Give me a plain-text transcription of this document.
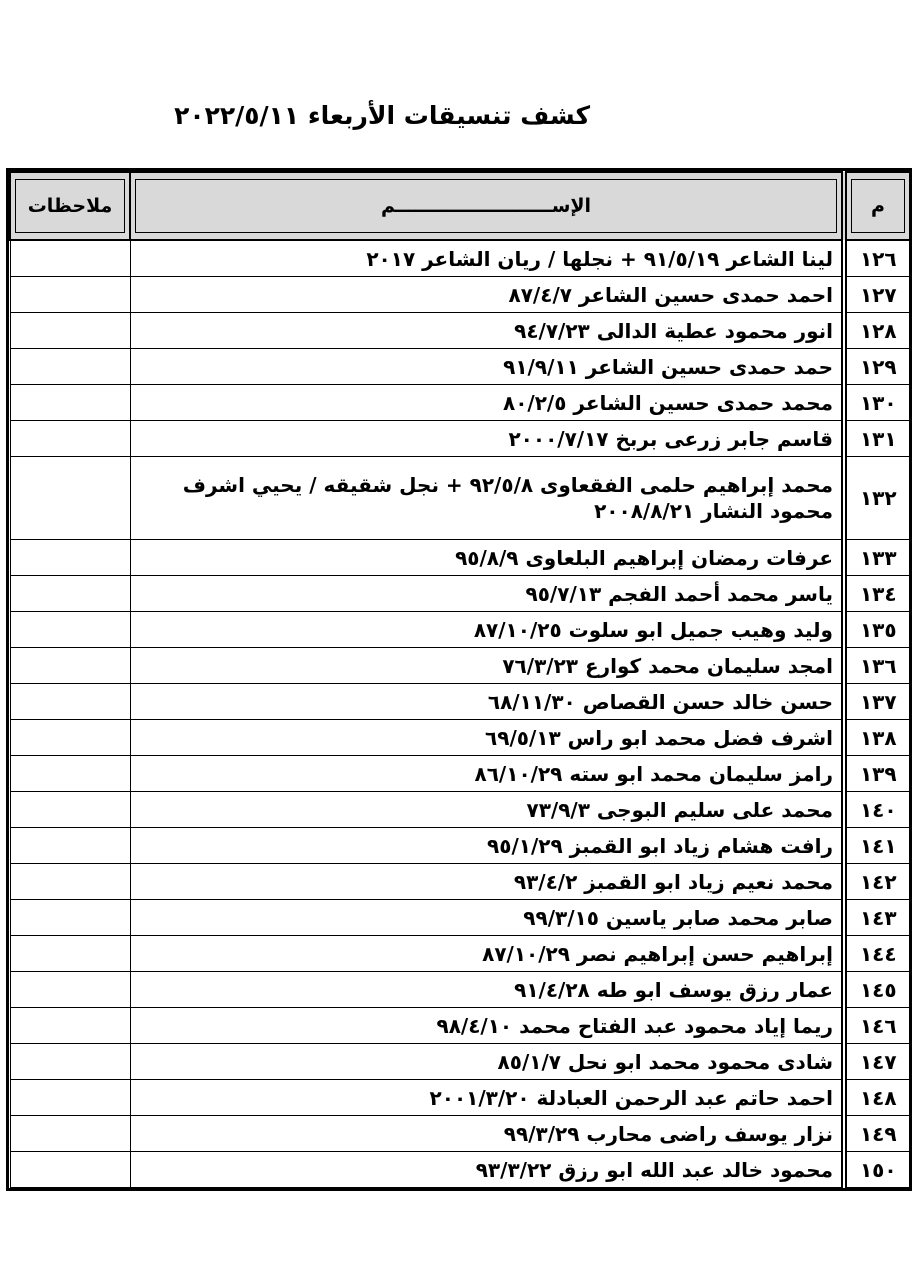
كشف تنسيقات الأربعاء ٢٠٢٢/٥/١١
م	الإســــــــــــــــــــــــم	ملاحظات

١٢٦	لينا الشاعر ٩١/٥/١٩ + نجلها / ريان الشاعر ٢٠١٧	
١٢٧	احمد حمدى حسين الشاعر ٨٧/٤/٧	
١٢٨	انور محمود عطية الدالى ٩٤/٧/٢٣	
١٢٩	حمد حمدى حسين الشاعر ٩١/٩/١١	
١٣٠	محمد حمدى حسين الشاعر ٨٠/٢/٥	
١٣١	قاسم جابر زرعى بربخ ٢٠٠٠/٧/١٧	
١٣٢	محمد إبراهيم حلمى الفقعاوى ٩٢/٥/٨ + نجل شقيقه / يحيي اشرف محمود النشار ٢٠٠٨/٨/٢١	
١٣٣	عرفات رمضان إبراهيم البلعاوى ٩٥/٨/٩	
١٣٤	ياسر محمد أحمد الفجم ٩٥/٧/١٣	
١٣٥	وليد وهيب جميل ابو سلوت ٨٧/١٠/٢٥	
١٣٦	امجد سليمان محمد كوارع ٧٦/٣/٢٣	
١٣٧	حسن خالد حسن القصاص ٦٨/١١/٣٠	
١٣٨	اشرف فضل محمد ابو راس ٦٩/٥/١٣	
١٣٩	رامز سليمان محمد ابو سته ٨٦/١٠/٢٩	
١٤٠	محمد على سليم البوجى ٧٣/٩/٣	
١٤١	رافت هشام زياد ابو القمبز ٩٥/١/٢٩	
١٤٢	محمد نعيم زياد ابو القمبز ٩٣/٤/٢	
١٤٣	صابر محمد صابر ياسين ٩٩/٣/١٥	
١٤٤	إبراهيم حسن إبراهيم نصر ٨٧/١٠/٢٩	
١٤٥	عمار رزق يوسف ابو طه ٩١/٤/٢٨	
١٤٦	ريما إياد محمود عبد الفتاح محمد ٩٨/٤/١٠	
١٤٧	شادى محمود محمد ابو نحل ٨٥/١/٧	
١٤٨	احمد حاتم عبد الرحمن العبادلة ٢٠٠١/٣/٢٠	
١٤٩	نزار يوسف راضى محارب ٩٩/٣/٢٩	
١٥٠	محمود خالد عبد الله ابو رزق ٩٣/٣/٢٢	
